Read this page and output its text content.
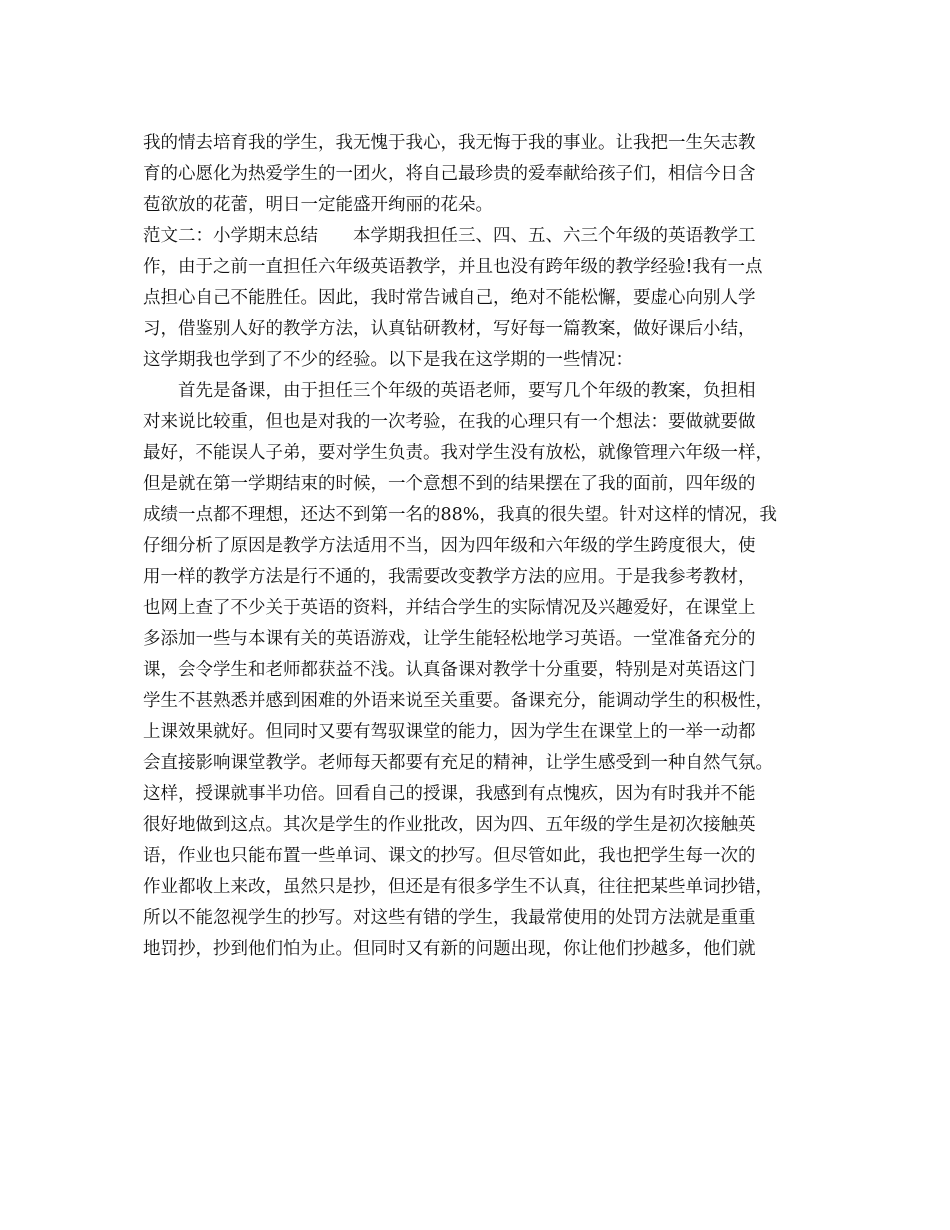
我的情去培育我的学生，我无愧于我心，我无悔于我的事业。让我把一生矢志教
育的心愿化为热爱学生的一团火，将自己最珍贵的爱奉献给孩子们，相信今日含
苞欲放的花蕾，明日一定能盛开绚丽的花朵。
范文二：小学期末总结　　本学期我担任三、四、五、六三个年级的英语教学工
作，由于之前一直担任六年级英语教学，并且也没有跨年级的教学经验!我有一点
点担心自己不能胜任。因此，我时常告诫自己，绝对不能松懈，要虚心向别人学
习，借鉴别人好的教学方法，认真钻研教材，写好每一篇教案，做好课后小结，
这学期我也学到了不少的经验。以下是我在这学期的一些情况：
　　首先是备课，由于担任三个年级的英语老师，要写几个年级的教案，负担相
对来说比较重，但也是对我的一次考验，在我的心理只有一个想法：要做就要做
最好，不能误人子弟，要对学生负责。我对学生没有放松，就像管理六年级一样，
但是就在第一学期结束的时候，一个意想不到的结果摆在了我的面前，四年级的
成绩一点都不理想，还达不到第一名的88%，我真的很失望。针对这样的情况，我
仔细分析了原因是教学方法适用不当，因为四年级和六年级的学生跨度很大，使
用一样的教学方法是行不通的，我需要改变教学方法的应用。于是我参考教材，
也网上查了不少关于英语的资料，并结合学生的实际情况及兴趣爱好，在课堂上
多添加一些与本课有关的英语游戏，让学生能轻松地学习英语。一堂准备充分的
课，会令学生和老师都获益不浅。认真备课对教学十分重要，特别是对英语这门
学生不甚熟悉并感到困难的外语来说至关重要。备课充分，能调动学生的积极性，
上课效果就好。但同时又要有驾驭课堂的能力，因为学生在课堂上的一举一动都
会直接影响课堂教学。老师每天都要有充足的精神，让学生感受到一种自然气氛。
这样，授课就事半功倍。回看自己的授课，我感到有点愧疚，因为有时我并不能
很好地做到这点。其次是学生的作业批改，因为四、五年级的学生是初次接触英
语，作业也只能布置一些单词、课文的抄写。但尽管如此，我也把学生每一次的
作业都收上来改，虽然只是抄，但还是有很多学生不认真，往往把某些单词抄错，
所以不能忽视学生的抄写。对这些有错的学生，我最常使用的处罚方法就是重重
地罚抄，抄到他们怕为止。但同时又有新的问题出现，你让他们抄越多，他们就
